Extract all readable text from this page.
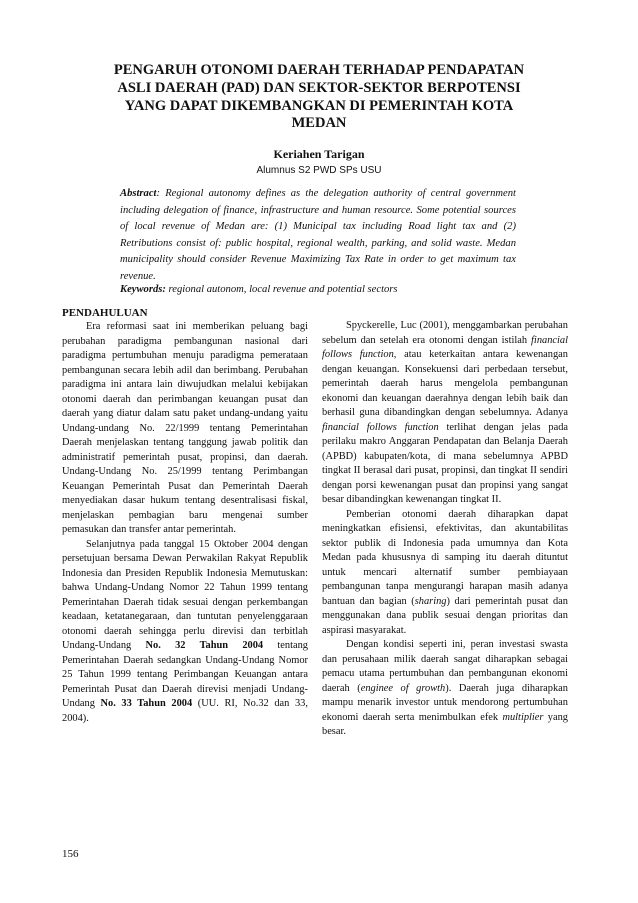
PENGARUH OTONOMI DAERAH TERHADAP PENDAPATAN
ASLI DAERAH (PAD) DAN SEKTOR-SEKTOR BERPOTENSI
YANG DAPAT DIKEMBANGKAN DI PEMERINTAH KOTA
MEDAN

Keriahen Tarigan

Alumnus S2 PWD SPs USU

Abstract: Regional autonomy defines as the delegation authority of central government including delegation of finance, infrastructure and human resource. Some potential sources of local revenue of Medan are: (1) Municipal tax including Road light tax and (2) Retributions consist of: public hospital, regional wealth, parking, and solid waste. Medan municipality should consider Revenue Maximizing Tax Rate in order to get maximum tax revenue.

Keywords: regional autonom, local revenue and potential sectors

PENDAHULUAN

Era reformasi saat ini memberikan peluang bagi perubahan paradigma pembangunan nasional dari paradigma pertumbuhan menuju paradigma pemerataan pembangunan secara lebih adil dan berimbang. Perubahan paradigma ini antara lain diwujudkan melalui kebijakan otonomi daerah dan perimbangan keuangan pusat dan daerah yang diatur dalam satu paket undang-undang yaitu Undang-undang No. 22/1999 tentang Pemerintahan Daerah menjelaskan tentang tanggung jawab politik dan administratif pemerintah pusat, propinsi, dan daerah. Undang-Undang No. 25/1999 tentang Perimbangan Keuangan Pemerintah Pusat dan Pemerintah Daerah menyediakan dasar hukum tentang desentralisasi fiskal, menjelaskan pembagian baru mengenai sumber pemasukan dan transfer antar pemerintah.

Selanjutnya pada tanggal 15 Oktober 2004 dengan persetujuan bersama Dewan Perwakilan Rakyat Republik Indonesia dan Presiden Republik Indonesia Memutuskan: bahwa Undang-Undang Nomor 22 Tahun 1999 tentang Pemerintahan Daerah tidak sesuai dengan perkembangan keadaan, ketatanegaraan, dan tuntutan penyelenggaraan otonomi daerah sehingga perlu direvisi dan terbitlah Undang-Undang No. 32 Tahun 2004 tentang Pemerintahan Daerah sedangkan Undang-Undang Nomor 25 Tahun 1999 tentang Perimbangan Keuangan antara Pemerintah Pusat dan Daerah direvisi menjadi Undang-Undang No. 33 Tahun 2004 (UU. RI, No.32 dan 33, 2004).

Spyckerelle, Luc (2001), menggambarkan perubahan sebelum dan setelah era otonomi dengan istilah financial follows function, atau keterkaitan antara kewenangan dengan keuangan. Konsekuensi dari perbedaan tersebut, pemerintah daerah harus mengelola pembangunan ekonomi dan keuangan daerahnya dengan lebih baik dan berhasil guna dibandingkan dengan sebelumnya. Adanya financial follows function terlihat dengan jelas pada perilaku makro Anggaran Pendapatan dan Belanja Daerah (APBD) kabupaten/kota, di mana sebelumnya APBD tingkat II berasal dari pusat, propinsi, dan tingkat II sendiri dengan porsi kewenangan pusat dan propinsi yang sangat besar dibandingkan kewenangan tingkat II.

Pemberian otonomi daerah diharapkan dapat meningkatkan efisiensi, efektivitas, dan akuntabilitas sektor publik di Indonesia pada umumnya dan Kota Medan pada khususnya di samping itu daerah dituntut untuk mencari alternatif sumber pembiayaan pembangunan tanpa mengurangi harapan masih adanya bantuan dan bagian (sharing) dari pemerintah pusat dan menggunakan dana publik sesuai dengan prioritas dan aspirasi masyarakat.

Dengan kondisi seperti ini, peran investasi swasta dan perusahaan milik daerah sangat diharapkan sebagai pemacu utama pertumbuhan dan pembangunan ekonomi daerah (enginee of growth). Daerah juga diharapkan mampu menarik investor untuk mendorong pertumbuhan ekonomi daerah serta menimbulkan efek multiplier yang besar.

156
